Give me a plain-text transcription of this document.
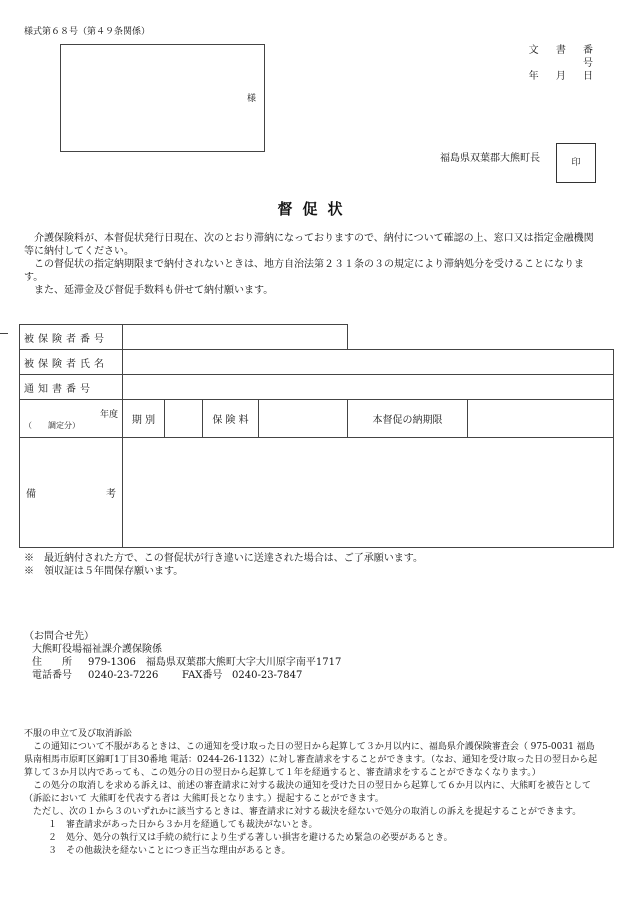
様式第６８号（第４９条関係）
様
文 書 番 号
年 月 日
福島県双葉郡大熊町長	印
督促状

介護保険料が、本督促状発行日現在、次のとおり滞納になっておりますので、納付について確認の上、窓口又は指定金融機関等に納付してください。

この督促状の指定納期限まで納付されないときは、地方自治法第２３１条の３の規定により滞納処分を受けることになります。

また、延滞金及び督促手数料も併せて納付願います。

被保険者番号						
被保険者氏名						
通知書番号						

年度
（　　調定分）	期 別		保 険 料		本督促の納期限	

備 考						

※　最近納付された方で、この督促状が行き違いに送達された場合は、ご了承願います。
※　領収証は５年間保存願います。
（お問合せ先）
大熊町役場福祉課介護保険係
住　　所	979-1306　福島県双葉郡大熊町大字大川原字南平1717
電話番号	0240-23-7226	FAX番号 0240-23-7847

不服の申立て及び取消訴訟

この通知について不服があるときは、この通知を受け取った日の翌日から起算して３か月以内に、福島県介護保険審査会（ 975-0031 福島県南相馬市原町区錦町1丁目30番地 電話：0244-26-1132）に対し審査請求をすることができます。（なお、通知を受け取った日の翌日から起算して３か月以内であっても、この処分の日の翌日から起算して１年を経過すると、審査請求をすることができなくなります。）

この処分の取消しを求める訴えは、前述の審査請求に対する裁決の通知を受けた日の翌日から起算して６か月以内に、大熊町を被告として（訴訟において 大熊町を代表する者は 大熊町長となります。）提起することができます。

ただし、次の１から３のいずれかに該当するときは、審査請求に対する裁決を経ないで処分の取消しの訴えを提起することができます。

１　審査請求があった日から３か月を経過しても裁決がないとき。

２　処分、処分の執行又は手続の続行により生ずる著しい損害を避けるため緊急の必要があるとき。

３　その他裁決を経ないことにつき正当な理由があるとき。
